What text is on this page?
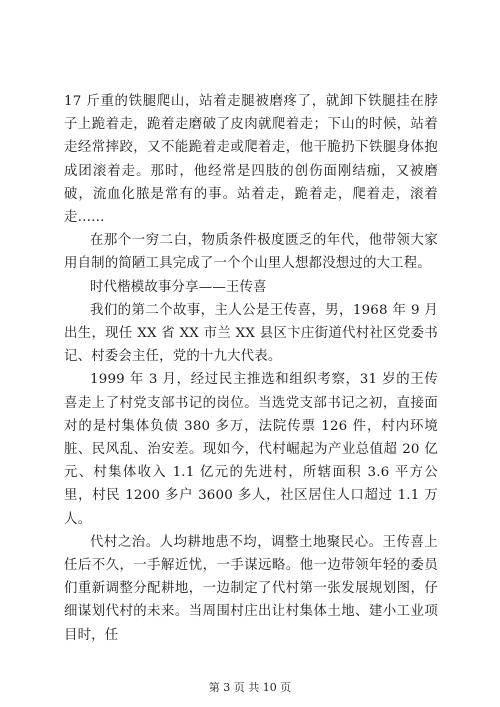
17 斤重的铁腿爬山，站着走腿被磨疼了，就卸下铁腿挂在脖子上跪着走，跪着走磨破了皮肉就爬着走；下山的时候，站着走经常摔跤，又不能跪着走或爬着走，他干脆扔下铁腿身体抱成团滚着走。那时，他经常是四肢的创伤面刚结痂，又被磨破，流血化脓是常有的事。站着走，跪着走，爬着走，滚着走……

在那个一穷二白，物质条件极度匮乏的年代，他带领大家用自制的简陋工具完成了一个个山里人想都没想过的大工程。

时代楷模故事分享——王传喜

我们的第二个故事，主人公是王传喜，男，1968 年 9 月出生，现任 XX 省 XX 市兰 XX 县区卞庄街道代村社区党委书记、村委会主任，党的十九大代表。

1999 年 3 月，经过民主推选和组织考察，31 岁的王传喜走上了村党支部书记的岗位。当选党支部书记之初，直接面对的是村集体负债 380 多万，法院传票 126 件，村内环境脏、民风乱、治安差。现如今，代村崛起为产业总值超 20 亿元、村集体收入 1.1 亿元的先进村，所辖面积 3.6 平方公里，村民 1200 多户 3600 多人，社区居住人口超过 1.1 万人。

代村之治。人均耕地患不均，调整土地聚民心。王传喜上任后不久，一手解近忧，一手谋远略。他一边带领年轻的委员们重新调整分配耕地，一边制定了代村第一张发展规划图，仔细谋划代村的未来。当周围村庄出让村集体土地、建小工业项目时，任

第 3 页 共 10 页
